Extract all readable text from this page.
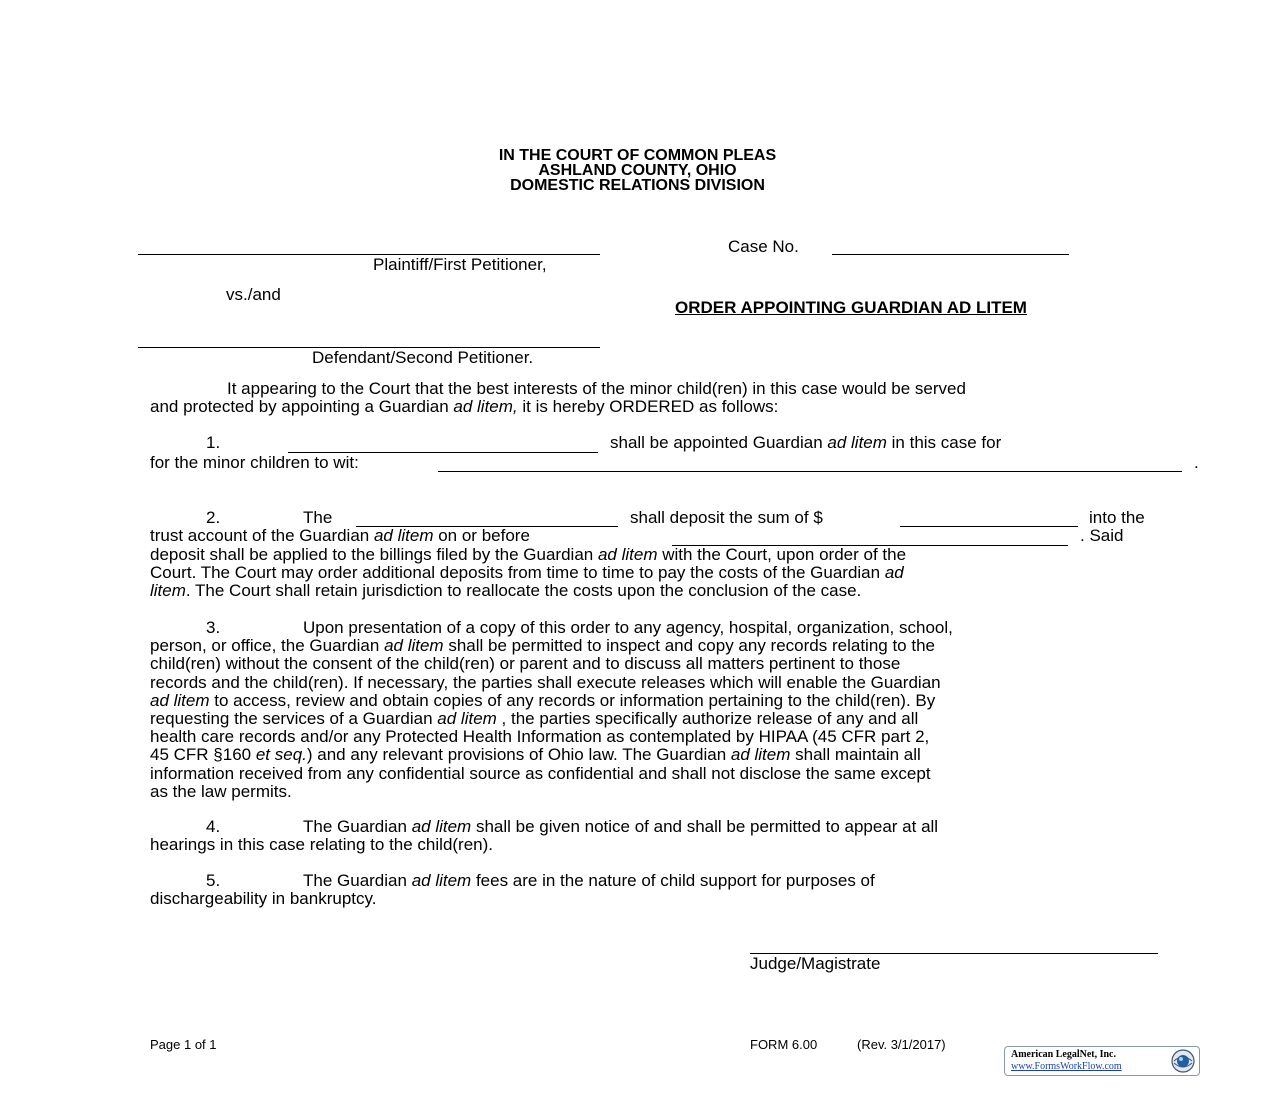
IN THE COURT OF COMMON PLEAS
ASHLAND COUNTY, OHIO
DOMESTIC RELATIONS DIVISION
Plaintiff/First Petitioner,
Case No.
vs./and
ORDER APPOINTING GUARDIAN AD LITEM
Defendant/Second Petitioner.
It appearing to the Court that the best interests of the minor child(ren) in this case would be served
and protected by appointing a Guardian ad litem, it is hereby ORDERED as follows:
1.	shall be appointed Guardian ad litem in this case for
for the minor children to wit:	.
2.	The	shall deposit the sum of $	into the
trust account of the Guardian ad litem on or before	. Said
deposit shall be applied to the billings filed by the Guardian ad litem with the Court, upon order of the
Court. The Court may order additional deposits from time to time to pay the costs of the Guardian ad
litem. The Court shall retain jurisdiction to reallocate the costs upon the conclusion of the case.
3.	Upon presentation of a copy of this order to any agency, hospital, organization, school,
person, or office, the Guardian ad litem shall be permitted to inspect and copy any records relating to the
child(ren) without the consent of the child(ren) or parent and to discuss all matters pertinent to those
records and the child(ren). If necessary, the parties shall execute releases which will enable the Guardian
ad litem to access, review and obtain copies of any records or information pertaining to the child(ren). By
requesting the services of a Guardian ad litem , the parties specifically authorize release of any and all
health care records and/or any Protected Health Information as contemplated by HIPAA (45 CFR part 2,
45 CFR §160 et seq.) and any relevant provisions of Ohio law. The Guardian ad litem shall maintain all
information received from any confidential source as confidential and shall not disclose the same except
as the law permits.
4.	The Guardian ad litem shall be given notice of and shall be permitted to appear at all
hearings in this case relating to the child(ren).
5.	The Guardian ad litem fees are in the nature of child support for purposes of
dischargeability in bankruptcy.
Judge/Magistrate
Page 1 of 1	FORM 6.00	(Rev. 3/1/2017)
American LegalNet, Inc.
www.FormsWorkFlow.com
